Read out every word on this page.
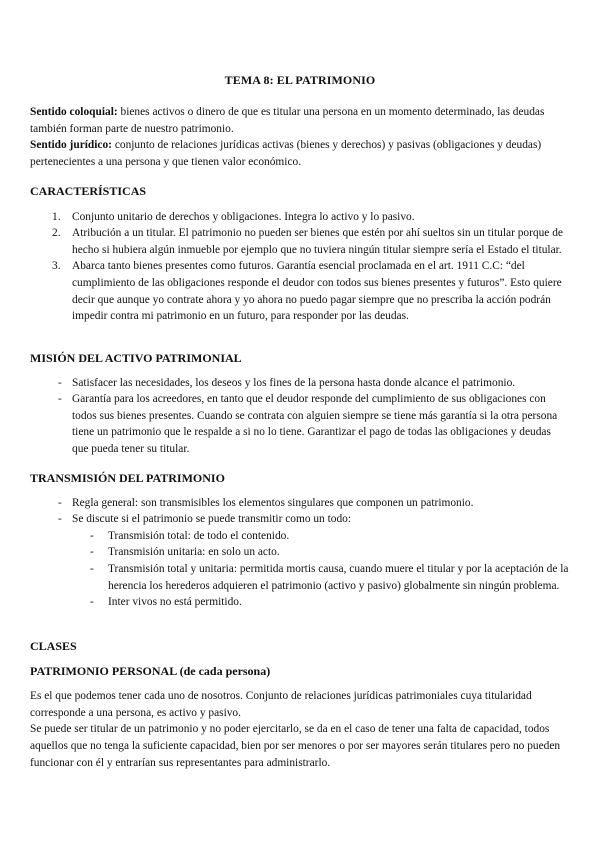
TEMA 8: EL PATRIMONIO

Sentido coloquial: bienes activos o dinero de que es titular una persona en un momento determinado, las deudas también forman parte de nuestro patrimonio.

Sentido jurídico: conjunto de relaciones jurídicas activas (bienes y derechos) y pasivas (obligaciones y deudas) pertenecientes a una persona y que tienen valor económico.

CARACTERÍSTICAS
1. Conjunto unitario de derechos y obligaciones. Integra lo activo y lo pasivo.
2. Atribución a un titular. El patrimonio no pueden ser bienes que estén por ahí sueltos sin un titular porque de hecho si hubiera algún inmueble por ejemplo que no tuviera ningún titular siempre sería el Estado el titular.
3. Abarca tanto bienes presentes como futuros. Garantía esencial proclamada en el art. 1911 C.C: “del cumplimiento de las obligaciones responde el deudor con todos sus bienes presentes y futuros”. Esto quiere decir que aunque yo contrate ahora y yo ahora no puedo pagar siempre que no prescriba la acción podrán impedir contra mi patrimonio en un futuro, para responder por las deudas.
MISIÓN DEL ACTIVO PATRIMONIAL
- Satisfacer las necesidades, los deseos y los fines de la persona hasta donde alcance el patrimonio.
- Garantía para los acreedores, en tanto que el deudor responde del cumplimiento de sus obligaciones con todos sus bienes presentes. Cuando se contrata con alguien siempre se tiene más garantía si la otra persona tiene un patrimonio que le respalde a si no lo tiene. Garantizar el pago de todas las obligaciones y deudas que pueda tener su titular.
TRANSMISIÓN DEL PATRIMONIO
- Regla general: son transmisibles los elementos singulares que componen un patrimonio.
- Se discute si el patrimonio se puede transmitir como un todo:
- Transmisión total: de todo el contenido.
- Transmisión unitaria: en solo un acto.
- Transmisión total y unitaria: permitida mortis causa, cuando muere el titular y por la aceptación de la herencia los herederos adquieren el patrimonio (activo y pasivo) globalmente sin ningún problema.
- Inter vivos no está permitido.
CLASES
PATRIMONIO PERSONAL (de cada persona)

Es el que podemos tener cada uno de nosotros. Conjunto de relaciones jurídicas patrimoniales cuya titularidad corresponde a una persona, es activo y pasivo.

Se puede ser titular de un patrimonio y no poder ejercitarlo, se da en el caso de tener una falta de capacidad, todos aquellos que no tenga la suficiente capacidad, bien por ser menores o por ser mayores serán titulares pero no pueden funcionar con él y entrarían sus representantes para administrarlo.
